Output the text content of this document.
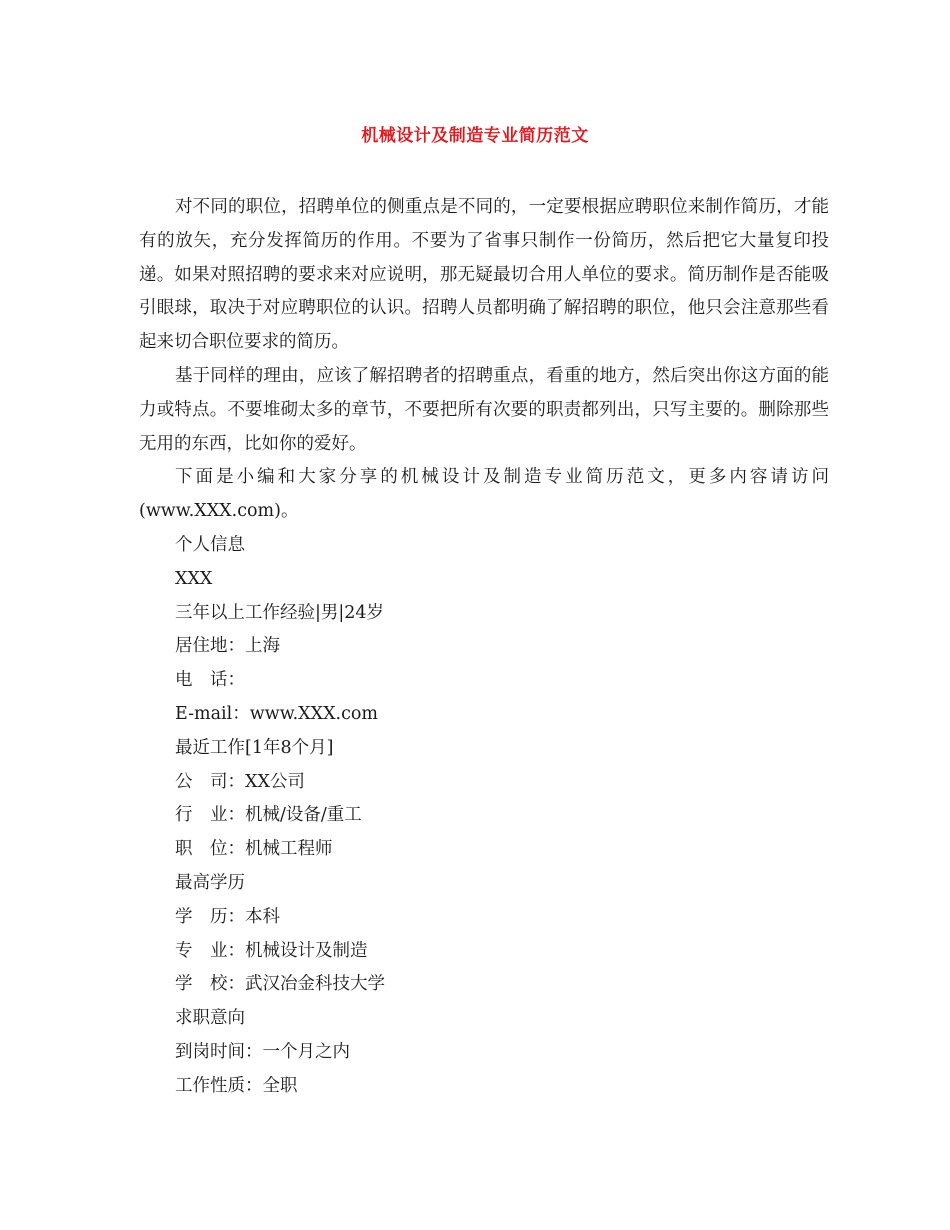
机械设计及制造专业简历范文

对不同的职位，招聘单位的侧重点是不同的，一定要根据应聘职位来制作简历，才能有的放矢，充分发挥简历的作用。不要为了省事只制作一份简历，然后把它大量复印投递。如果对照招聘的要求来对应说明，那无疑最切合用人单位的要求。简历制作是否能吸引眼球，取决于对应聘职位的认识。招聘人员都明确了解招聘的职位，他只会注意那些看起来切合职位要求的简历。

基于同样的理由，应该了解招聘者的招聘重点，看重的地方，然后突出你这方面的能力或特点。不要堆砌太多的章节，不要把所有次要的职责都列出，只写主要的。删除那些无用的东西，比如你的爱好。

下面是小编和大家分享的机械设计及制造专业简历范文，更多内容请访问(www.XXX.com)。

个人信息

XXX

三年以上工作经验|男|24岁

居住地：上海

电　话：

E-mail：www.XXX.com

最近工作[1年8个月]

公　司：XX公司

行　业：机械/设备/重工

职　位：机械工程师

最高学历

学　历：本科

专　业：机械设计及制造

学　校：武汉冶金科技大学

求职意向

到岗时间：一个月之内

工作性质：全职
